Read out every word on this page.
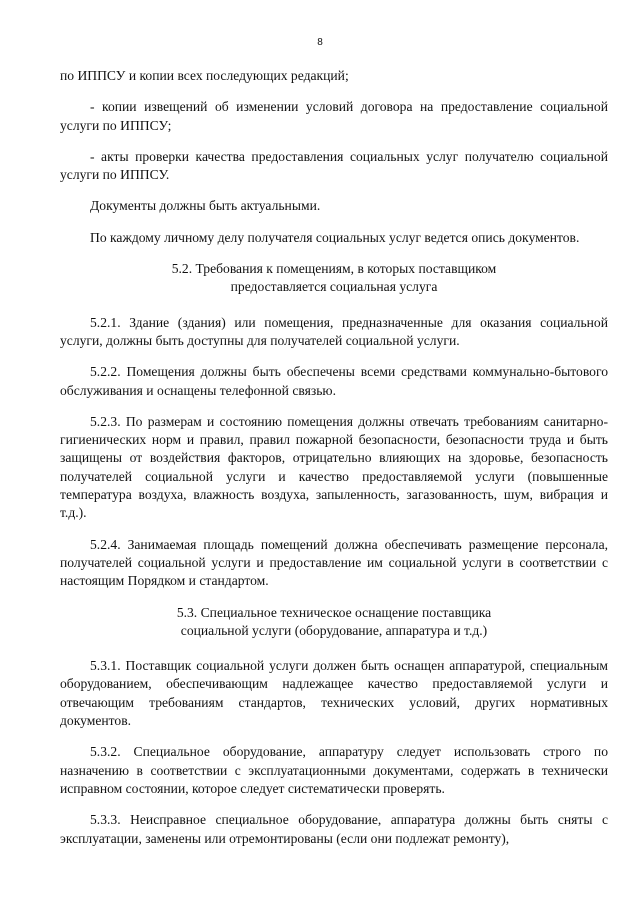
8

по ИППСУ и копии всех последующих редакций;

- копии извещений об изменении условий договора на предоставление социальной услуги по ИППСУ;

- акты проверки качества предоставления социальных услуг получателю социальной услуги по ИППСУ.

Документы должны быть актуальными.

По каждому личному делу получателя социальных услуг ведется опись документов.

5.2. Требования к помещениям, в которых поставщиком
предоставляется социальная услуга

5.2.1. Здание (здания) или помещения, предназначенные для оказания социальной услуги, должны быть доступны для получателей социальной услуги.

5.2.2. Помещения должны быть обеспечены всеми средствами коммунально-бытового обслуживания и оснащены телефонной связью.

5.2.3. По размерам и состоянию помещения должны отвечать требованиям санитарно-гигиенических норм и правил, правил пожарной безопасности, безопасности труда и быть защищены от воздействия факторов, отрицательно влияющих на здоровье, безопасность получателей социальной услуги и качество предоставляемой услуги (повышенные температура воздуха, влажность воздуха, запыленность, загазованность, шум, вибрация и т.д.).

5.2.4. Занимаемая площадь помещений должна обеспечивать размещение персонала, получателей социальной услуги и предоставление им социальной услуги в соответствии с настоящим Порядком и стандартом.

5.3. Специальное техническое оснащение поставщика
социальной услуги (оборудование, аппаратура и т.д.)

5.3.1. Поставщик социальной услуги должен быть оснащен аппаратурой, специальным оборудованием, обеспечивающим надлежащее качество предоставляемой услуги и отвечающим требованиям стандартов, технических условий, других нормативных документов.

5.3.2. Специальное оборудование, аппаратуру следует использовать строго по назначению в соответствии с эксплуатационными документами, содержать в технически исправном состоянии, которое следует систематически проверять.

5.3.3. Неисправное специальное оборудование, аппаратура должны быть сняты с эксплуатации, заменены или отремонтированы (если они подлежат ремонту),
